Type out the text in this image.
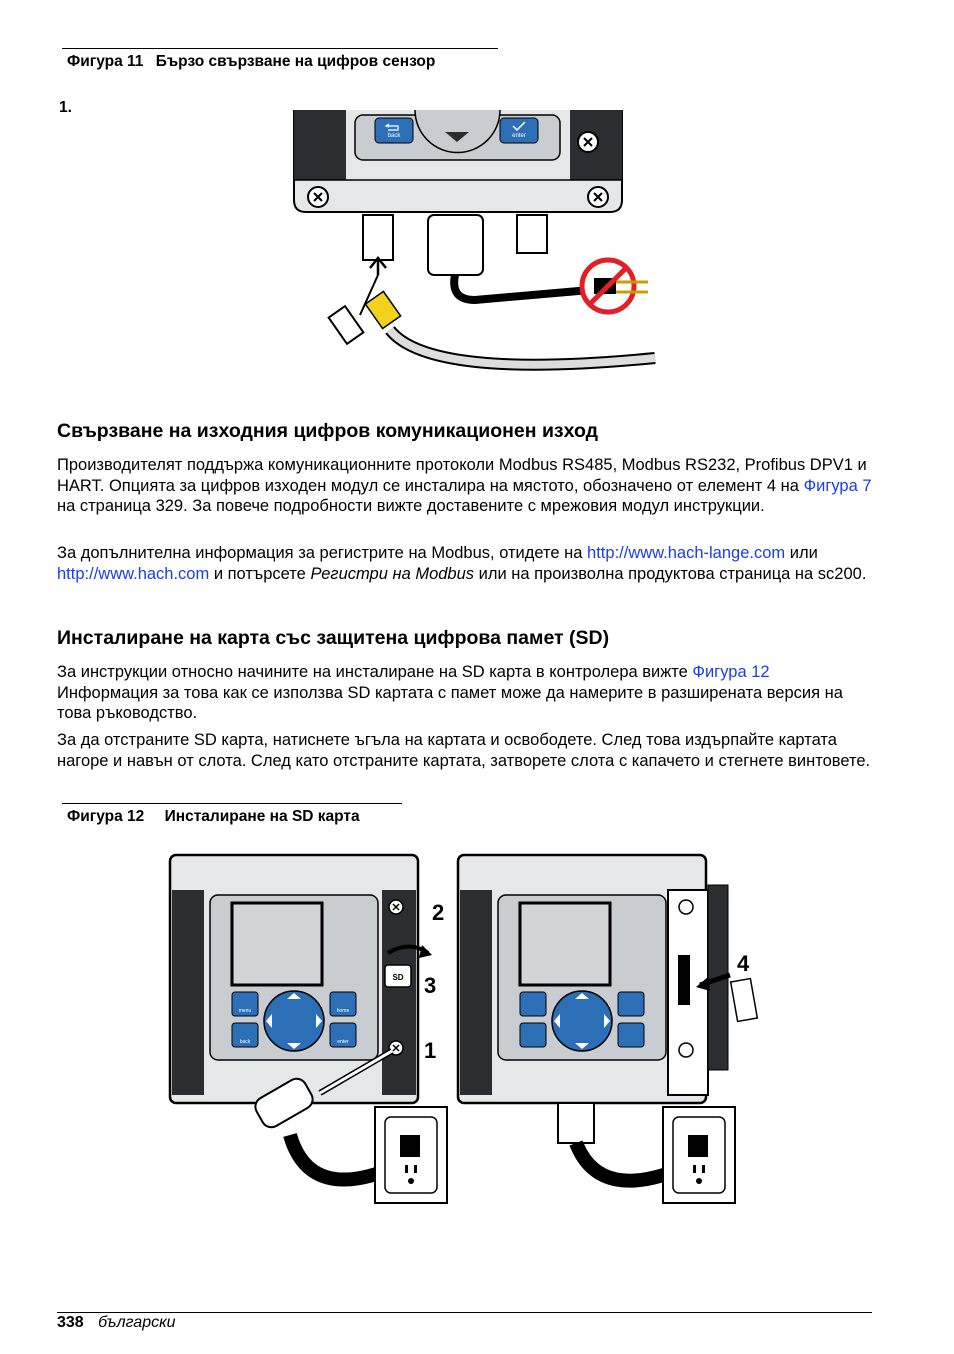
Фигура 11 Бързо свързване на цифров сензор
1.
back	enter
Свързване на изходния цифров комуникационен изход

Производителят поддържа комуникационните протоколи Modbus RS485, Modbus RS232, Profibus DPV1 и HART. Опцията за цифров изходен модул се инсталира на мястото, обозначено от елемент 4 на Фигура 7 на страница 329. За повече подробности вижте доставените с мрежовия модул инструкции.

За допълнителна информация за регистрите на Modbus, отидете на http://www.hach-lange.com или http://www.hach.com и потърсете Регистри на Modbus или на произволна продуктова страница на sc200.

Инсталиране на карта със защитена цифрова памет (SD)

За инструкции относно начините на инсталиране на SD карта в контролера вижте Фигура 12 Информация за това как се използва SD картата с памет може да намерите в разширената версия на това ръководство.

За да отстраните SD карта, натиснете ъгъла на картата и освободете. След това издърпайте картата нагоре и навън от слота. След като отстраните картата, затворете слота с капачето и стегнете винтовете.

Фигура 12 Инсталиране на SD карта
menu	home
back	enter
SD
2
3
1
4
338 български
